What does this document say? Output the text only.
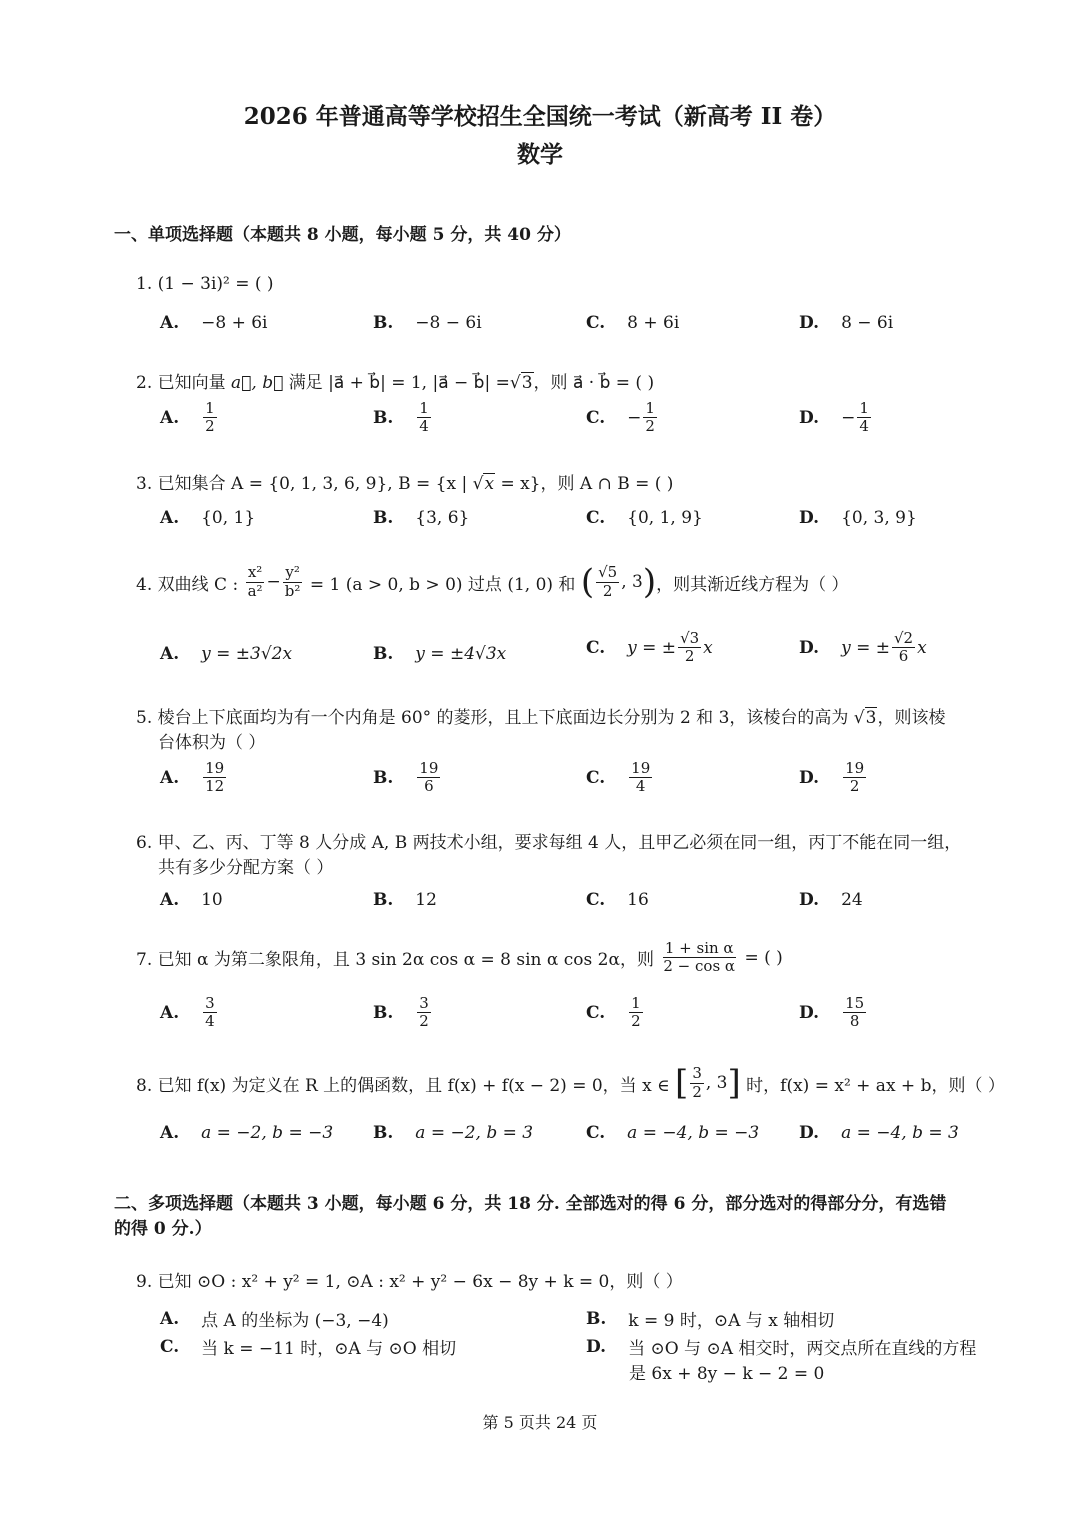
2026 年普通高等学校招生全国统一考试（新高考 II 卷）
数学
一、单项选择题（本题共 8 小题，每小题 5 分，共 40 分）
1. (1 − 3i)² = ( )
A. −8 + 6i	B. −8 − 6i	C. 8 + 6i	D. 8 − 6i
2. 已知向量 a⃗, b⃗ 满足 |a⃗ + b⃗| = 1, |a⃗ − b⃗| =√3，则 a⃗ · b⃗ = ( )
A. $\frac{1}{2}$	B. $\frac{1}{4}$	C. − $\frac{1}{2}$	D. − $\frac{1}{4}$
3. 已知集合 A = {0, 1, 3, 6, 9}, B = {x | √x = x}，则 A ∩ B = ( )
A. {0, 1}	B. {3, 6}	C. {0, 1, 9}	D. {0, 3, 9}
4. 双曲线 C :
$\frac{\text{x²}}{\text{a²}} - \frac{\text{y²}}{\text{b²}}$
= 1 (a > 0, b > 0) 过点 (1, 0) 和
( $\frac{√5}{2}$ , 3 ) ，则其渐近线方程为（ ）
A. y = ±3√2x	B. y = ±4√3x	C. y = ± $\frac{√3}{2}$ x	D. y = ± $\frac{√2}{6}$ x
5. 棱台上下底面均为有一个内角是 60° 的菱形，且上下底面边长分别为 2 和 3，该棱台的高为 √3，则该棱
台体积为（ ）
A. $\frac{19}{12}$	B. $\frac{19}{6}$	C. $\frac{19}{4}$	D. $\frac{19}{2}$
6. 甲、乙、丙、丁等 8 人分成 A, B 两技术小组，要求每组 4 人，且甲乙必须在同一组，丙丁不能在同一组，
共有多少分配方案（ ）
A. 10	B. 12	C. 16	D. 24
7. 已知 α 为第二象限角，且 3 sin 2α cos α = 8 sin α cos 2α，则
$\frac{\text{1 + sin α}}{\text{2 − cos α}}$
= ( )
A. $\frac{3}{4}$	B. $\frac{3}{2}$	C. $\frac{1}{2}$	D. $\frac{15}{8}$
8. 已知 f(x) 为定义在 R 上的偶函数，且 f(x) + f(x − 2) = 0，当 x ∈
[ $\frac{3}{2}$ , 3 ]
时，f(x) = x² + ax + b，则（ ）
A. a = −2, b = −3 B. a = −2, b = 3	C. a = −4, b = −3 D. a = −4, b = 3
二、多项选择题（本题共 3 小题，每小题 6 分，共 18 分. 全部选对的得 6 分，部分选对的得部分分，有选错
的得 0 分.）
9. 已知 ⊙O : x² + y² = 1, ⊙A : x² + y² − 6x − 8y + k = 0，则（ ）
A. 点 A 的坐标为 (−3, −4)	B. k = 9 时，⊙A 与 x 轴相切
C. 当 k = −11 时，⊙A 与 ⊙O 相切	D. 当 ⊙O 与 ⊙A 相交时，两交点所在直线的方程
是 6x + 8y − k − 2 = 0
第 5 页共 24 页
